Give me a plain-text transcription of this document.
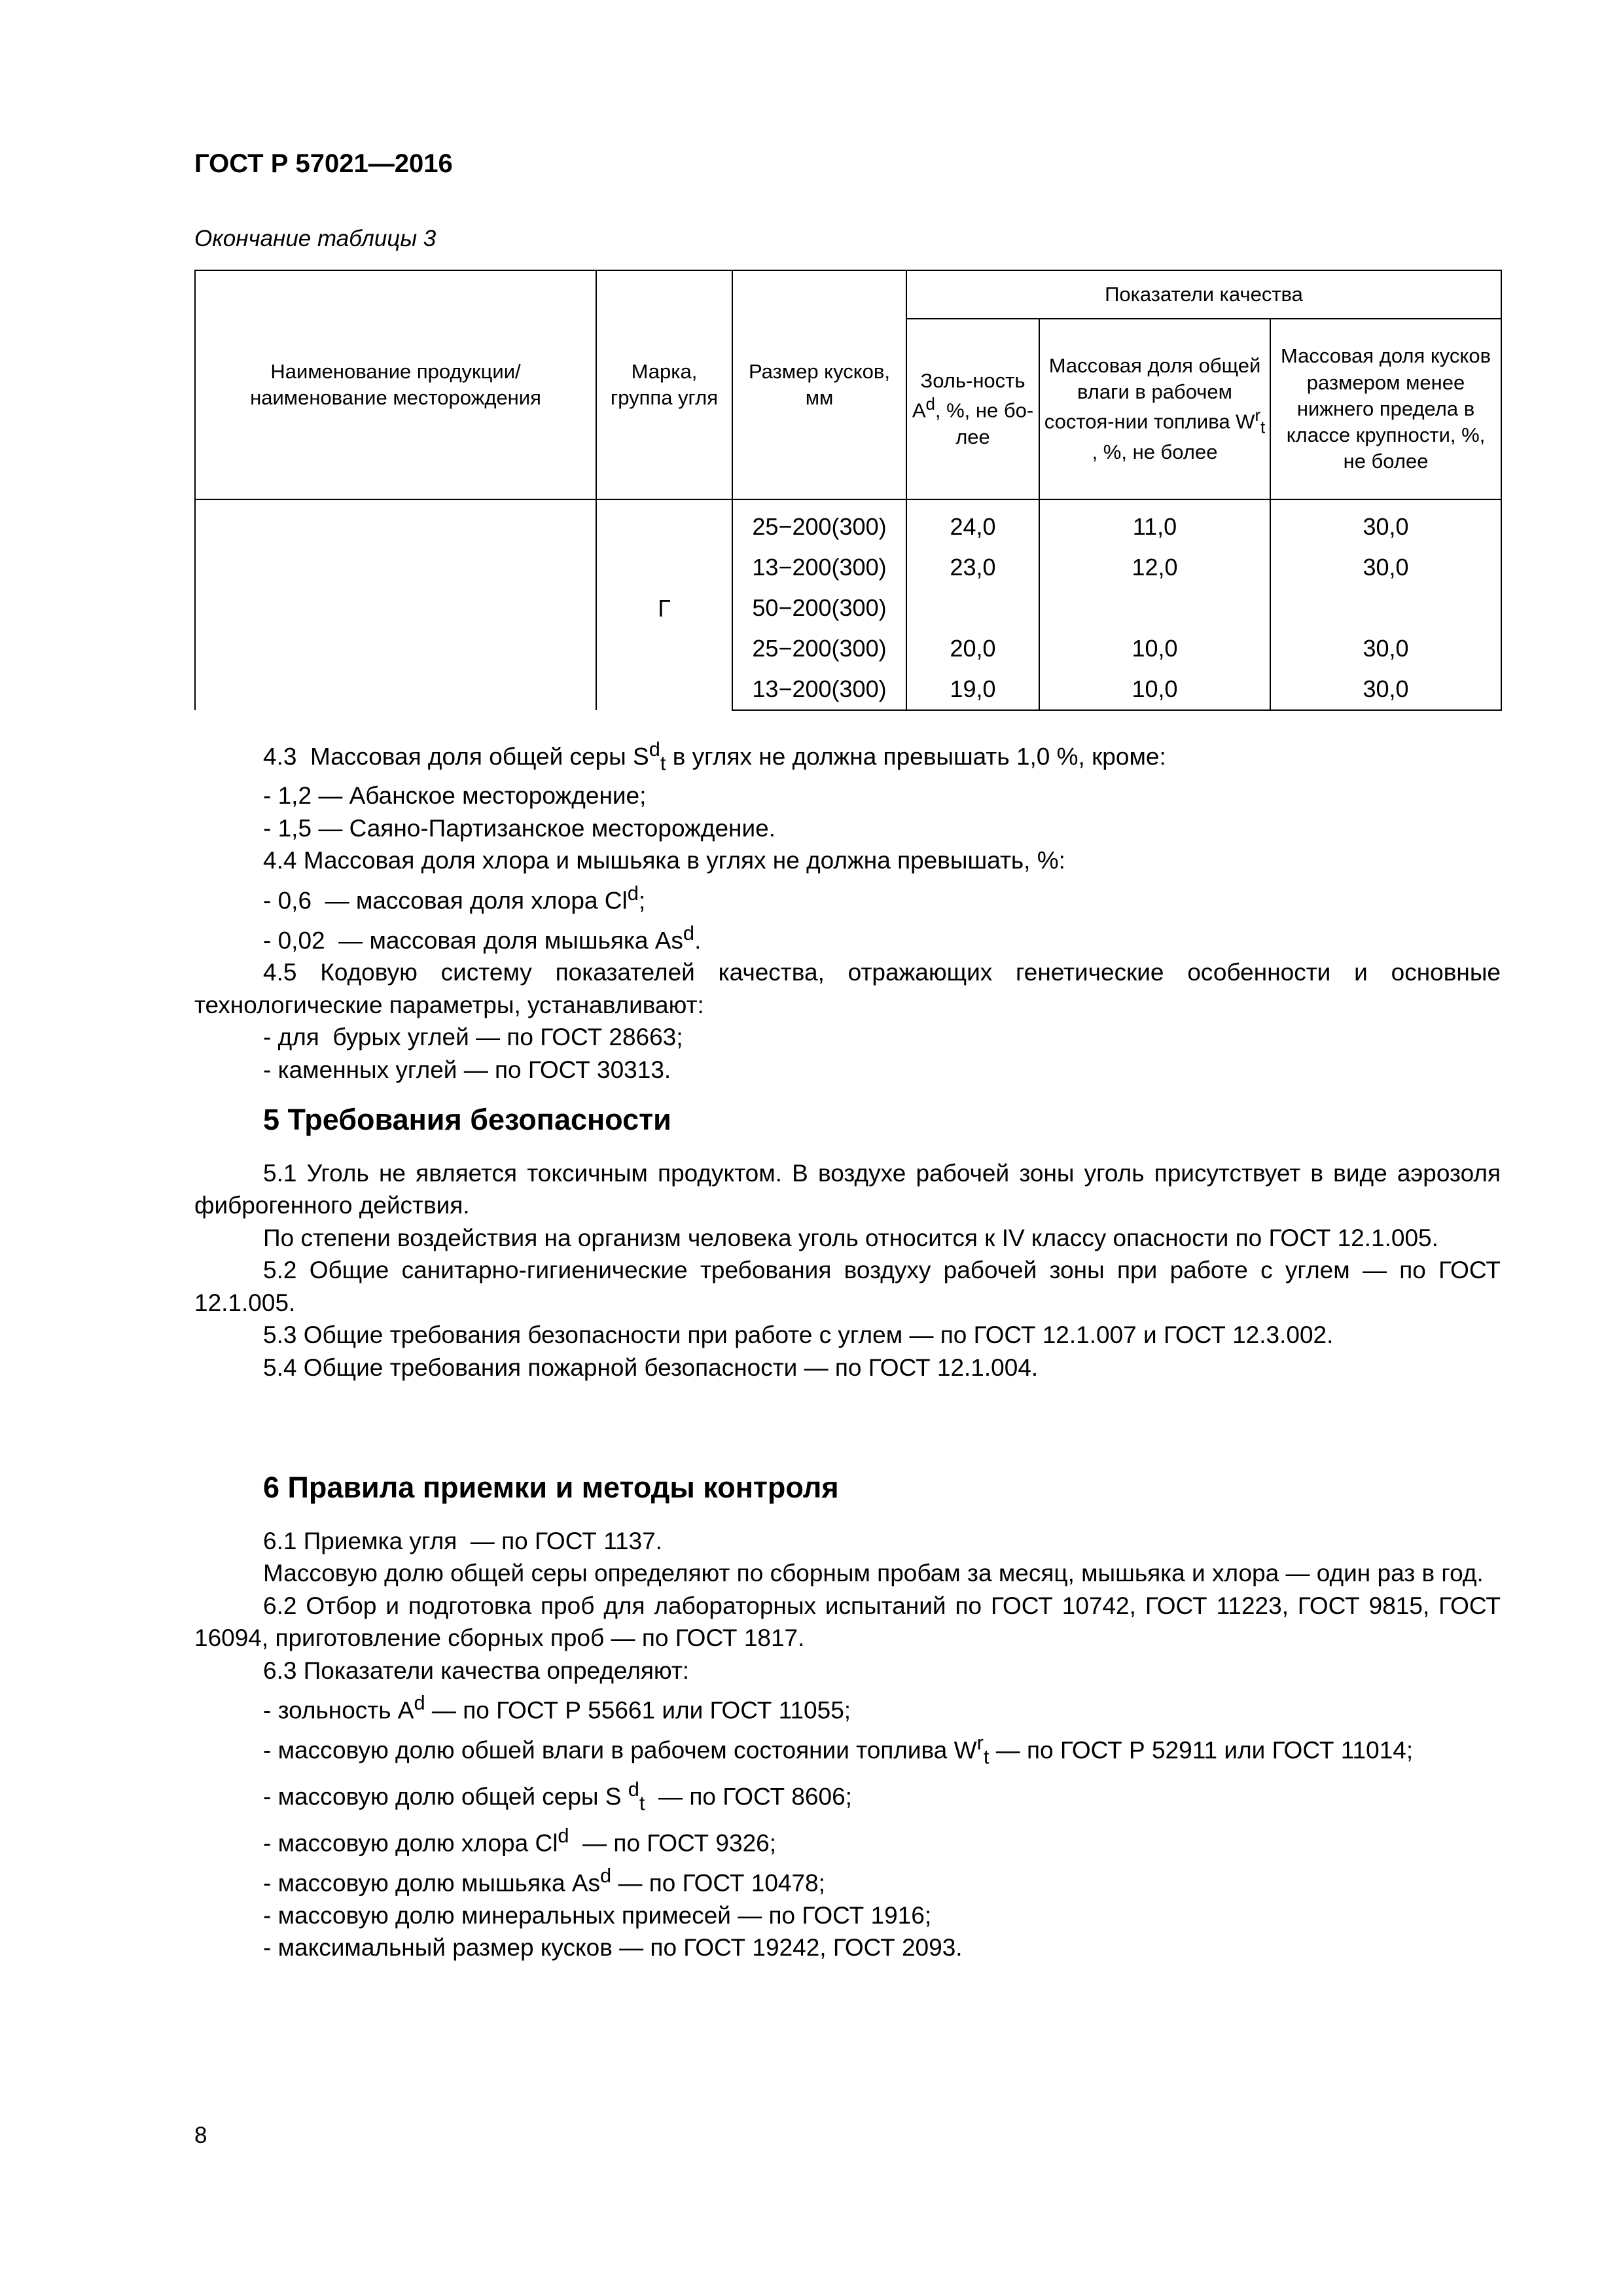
ГОСТ Р 57021—2016
Окончание таблицы 3
Наименование продукции/ наименование месторождения	Марка, группа угля	Размер кусков, мм	Показатели качества		
			Золь-ность $A^d$, %, не бо-лее	Массовая доля общей влаги в рабочем состоя-нии топлива $W^r_t$ , %, не более	Массовая доля кусков размером менее нижнего предела в классе крупности, %, не более

	Г	25−200(300)	24,0	11,0	30,0
		13−200(300)	23,0	12,0	30,0
		50−200(300)			
		25−200(300)	20,0	10,0	30,0
		13−200(300)	19,0	10,0	30,0

4.3  Массовая доля общей серы $S^d_t$ в углях не должна превышать 1,0 %, кроме:

- 1,2 — Абанское месторождение;

- 1,5 — Саяно-Партизанское месторождение.

4.4 Массовая доля хлора и мышьяка в углях не должна превышать, %:

- 0,6  — массовая доля хлора Cl$^d$;

- 0,02  — массовая доля мышьяка As$^d$.

4.5 Кодовую систему показателей качества, отражающих генетические особенности и основные технологические параметры, устанавливают:

- для  бурых углей — по ГОСТ 28663;

- каменных углей — по ГОСТ 30313.

5 Требования безопасности

5.1 Уголь не является токсичным продуктом. В воздухе рабочей зоны уголь присутствует в виде аэрозоля фиброгенного действия.

По степени воздействия на организм человека уголь относится к IV классу опасности по ГОСТ 12.1.005.

5.2 Общие санитарно-гигиенические требования воздуху рабочей зоны при работе с углем — по ГОСТ 12.1.005.

5.3 Общие требования безопасности при работе с углем — по ГОСТ 12.1.007 и ГОСТ 12.3.002.

5.4 Общие требования пожарной безопасности — по ГОСТ 12.1.004.

6 Правила приемки и методы контроля

6.1 Приемка угля  — по ГОСТ 1137.

Массовую долю общей серы определяют по сборным пробам за месяц, мышьяка и хлора — один раз в год.

6.2 Отбор и подготовка проб для лабораторных испытаний по ГОСТ 10742, ГОСТ 11223, ГОСТ 9815, ГОСТ 16094, приготовление сборных проб — по ГОСТ 1817.

6.3 Показатели качества определяют:

- зольность $A^d$ — по ГОСТ Р 55661 или ГОСТ 11055;

- массовую долю обшей влаги в рабочем состоянии топлива $W^r_t$ — по ГОСТ Р 52911 или ГОСТ 11014;

- массовую долю общей серы S $^d_t$  — по ГОСТ 8606;

- массовую долю хлора Cl$^d$  — по ГОСТ 9326;

- массовую долю мышьяка As$^d$ — по ГОСТ 10478;

- массовую долю минеральных примесей — по ГОСТ 1916;

- максимальный размер кусков — по ГОСТ 19242, ГОСТ 2093.

8
